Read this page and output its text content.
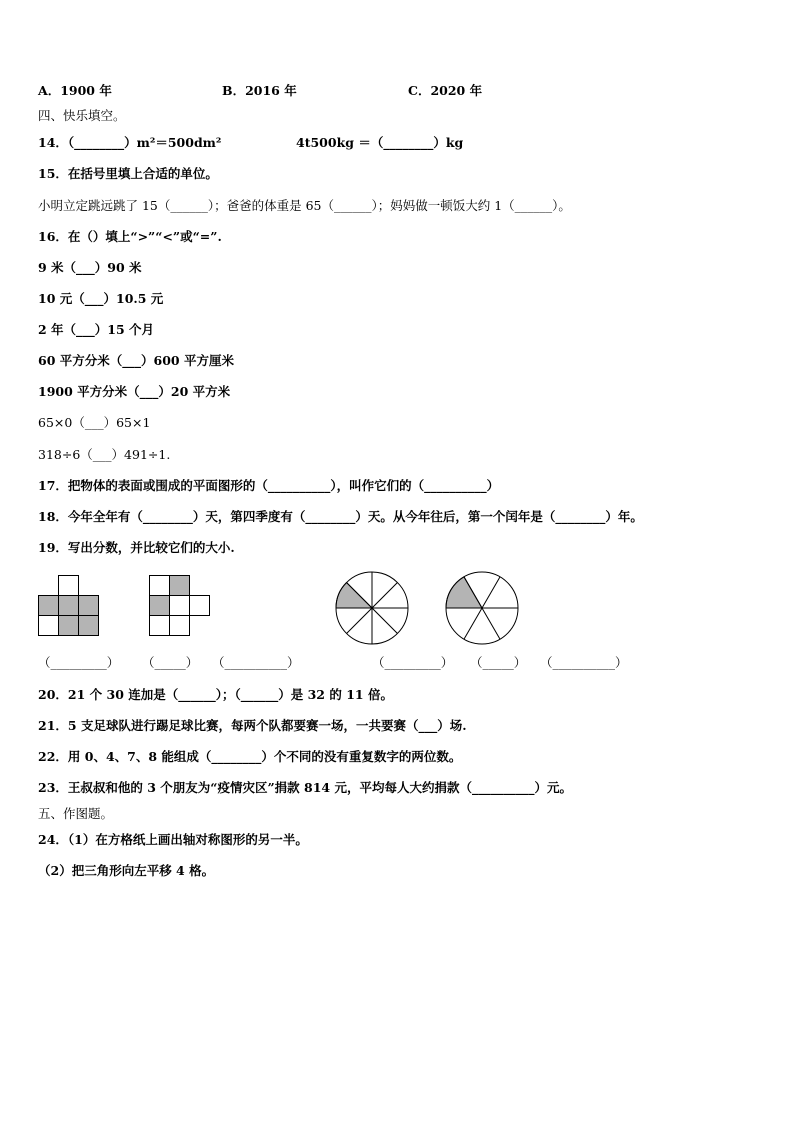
A．1900 年	B．2016 年	C．2020 年
四、快乐填空。
14．（________）m²＝500dm²	4t500kg ＝（________）kg
15．在括号里填上合适的单位。
小明立定跳远跳了 15（______）；爸爸的体重是 65（______）；妈妈做一顿饭大约 1（______）。
16．在（）填上“>”“<”或“=”.
9 米（___）90 米
10 元（___）10.5 元
2 年（___）15 个月
60 平方分米（___）600 平方厘米
1900 平方分米（___）20 平方米
65×0（___）65×1
318÷6（___）491÷1.
17．把物体的表面或围成的平面图形的（__________），叫作它们的（__________）
18．今年全年有（________）天，第四季度有（________）天。从今年往后，第一个闰年是（________）年。
19．写出分数，并比较它们的大小.
（_________） （_____） （__________）	（_________） （_____） （__________）
20．21 个 30 连加是（______）；（______）是 32 的 11 倍。
21．5 支足球队进行踢足球比赛，每两个队都要赛一场，一共要赛（___）场.
22．用 0、4、7、8 能组成（________）个不同的没有重复数字的两位数。
23．王叔叔和他的 3 个朋友为“疫情灾区”捐款 814 元，平均每人大约捐款（__________）元。
五、作图题。
24．（1）在方格纸上画出轴对称图形的另一半。
（2）把三角形向左平移 4 格。
